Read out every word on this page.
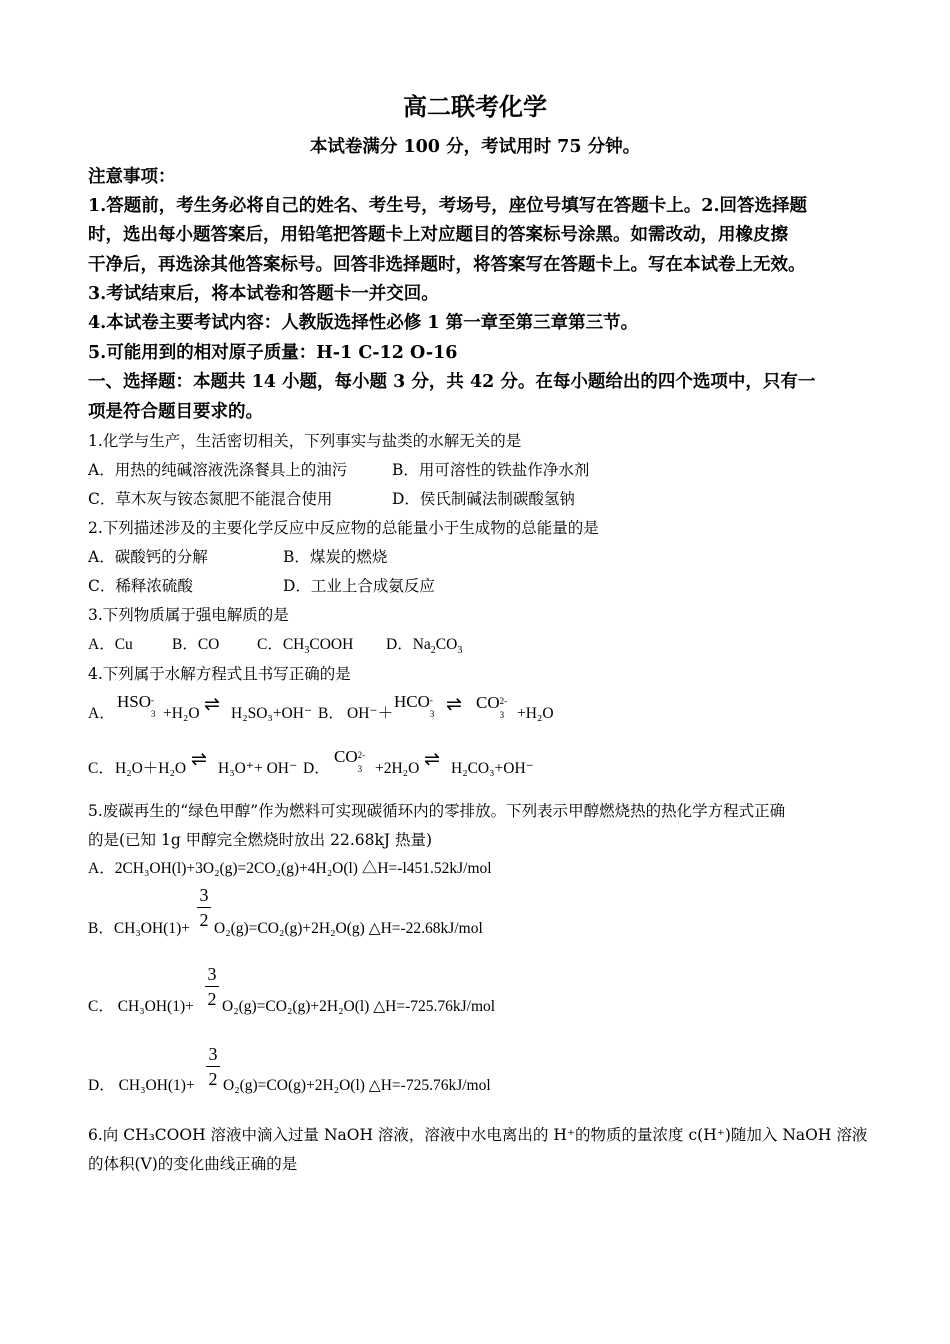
高二联考化学
本试卷满分 100 分，考试用时 75 分钟。
注意事项：
1.答题前，考生务必将自己的姓名、考生号，考场号，座位号填写在答题卡上。2.回答选择题
时，选出每小题答案后，用铅笔把答题卡上对应题目的答案标号涂黑。如需改动，用橡皮擦
干净后，再选涂其他答案标号。回答非选择题时，将答案写在答题卡上。写在本试卷上无效。
3.考试结束后，将本试卷和答题卡一并交回。
4.本试卷主要考试内容：人教版选择性必修 1 第一章至第三章第三节。
5.可能用到的相对原子质量：H-1 C-12 O-16
一、选择题：本题共 14 小题，每小题 3 分，共 42 分。在每小题给出的四个选项中，只有一
项是符合题目要求的。
1.化学与生产，生活密切相关，下列事实与盐类的水解无关的是
A．用热的纯碱溶液洗涤餐具上的油污	B．用可溶性的铁盐作净水剂
C．草木灰与铵态氮肥不能混合使用	D．侯氏制碱法制碳酸氢钠
2.下列描述涉及的主要化学反应中反应物的总能量小于生成物的总能量的是
A．碳酸钙的分解	B．煤炭的燃烧
C．稀释浓硫酸	D．工业上合成氨反应
3.下列物质属于强电解质的是
A．Cu	B．CO C．$CH_3COOH$ D．$Na_2CO_3$
4.下列属于水解方程式且书写正确的是
A．
HSO -
3 +H₂O ⇌ H₂SO₃+OH⁻ B． OH⁻＋
HCO -
3 ⇌ CO 2-
3 +H₂O
C． H₂O＋H₂O ⇌ H₃O⁺+ OH⁻ D．
CO 2-
3 +2H₂O ⇌ H₂CO₃+OH⁻
5.废碳再生的“绿色甲醇”作为燃料可实现碳循环内的零排放。下列表示甲醇燃烧热的热化学方程式正确
的是(已知 1g 甲醇完全燃烧时放出 22.68kJ 热量)
A．2CH₃OH(l)+3O₂(g)=2CO₂(g)+4H₂O(l) △H=-l451.52kJ/mol
3
2
B．CH₃OH(1)+ O₂(g)=CO₂(g)+2H₂O(g) △H=-22.68kJ/mol
3
2
C． CH₃OH(1)+ O₂(g)=CO₂(g)+2H₂O(l) △H=-725.76kJ/mol
3
2
D． CH₃OH(1)+ O₂(g)=CO(g)+2H₂O(l) △H=-725.76kJ/mol
6.向 CH₃COOH 溶液中滴入过量 NaOH 溶液，溶液中水电离出的 H⁺的物质的量浓度 c(H⁺)随加入 NaOH 溶液
的体积(V)的变化曲线正确的是
